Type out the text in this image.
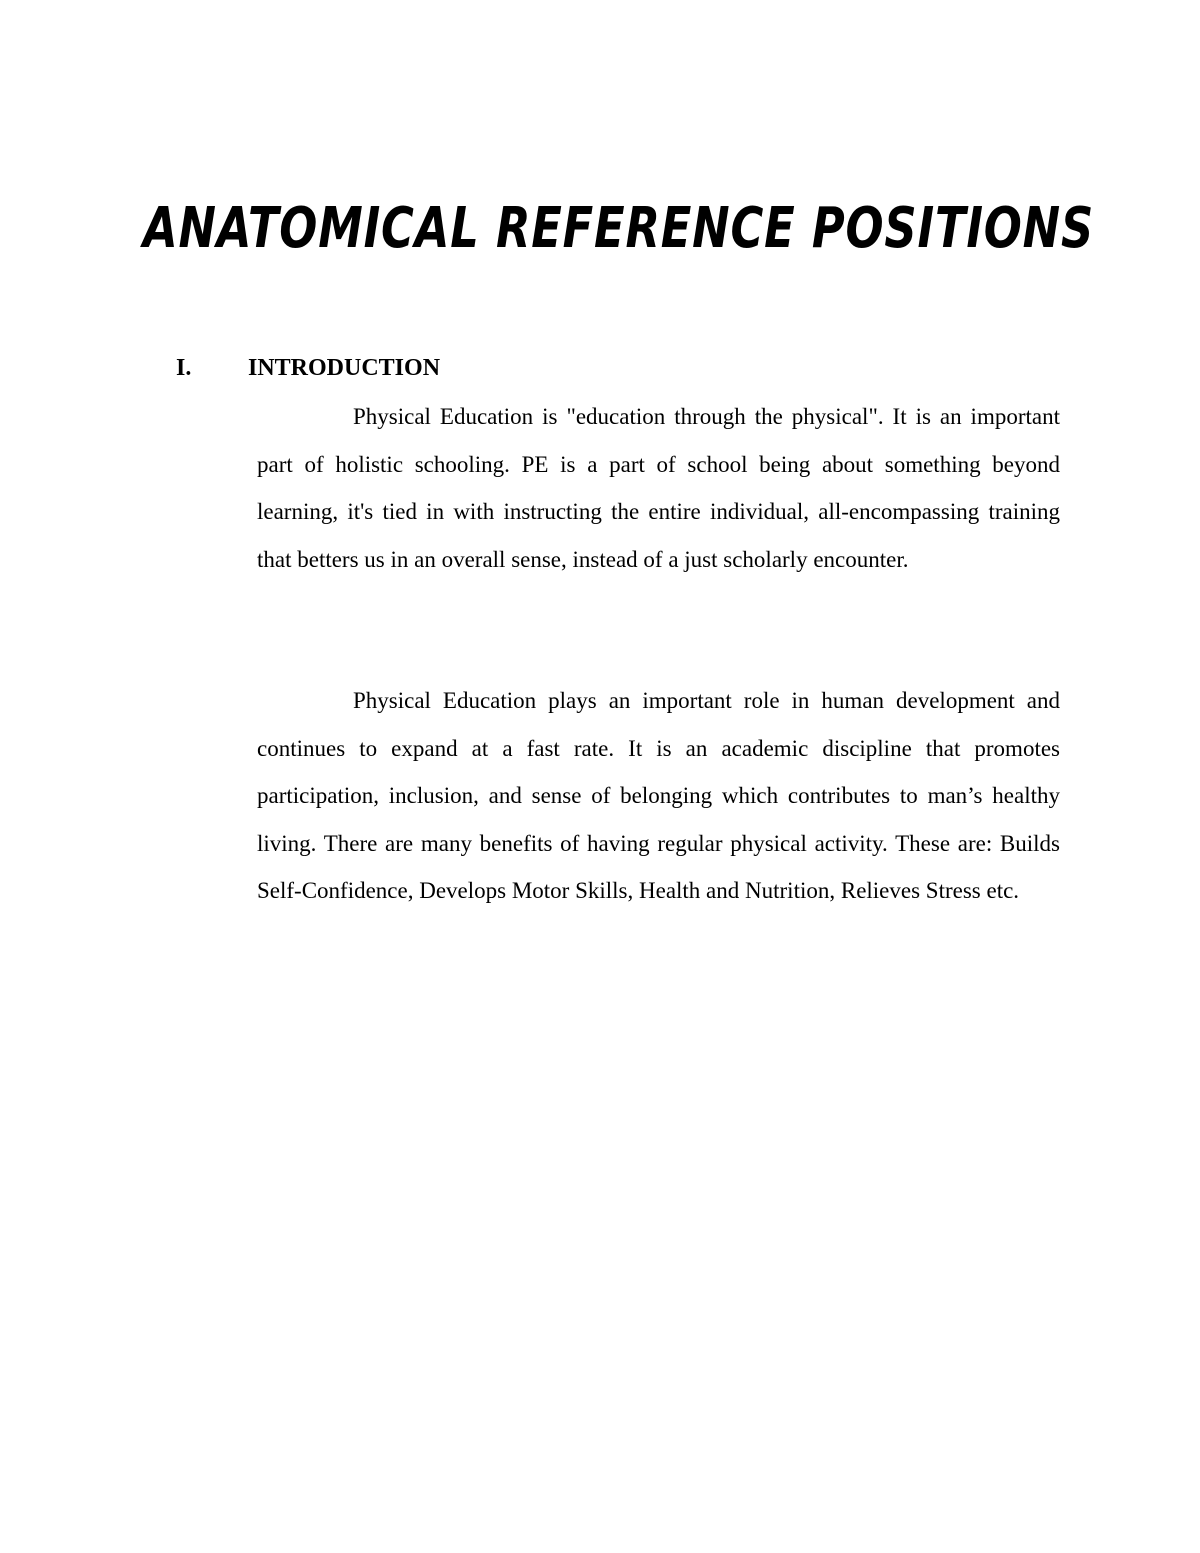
ANATOMICAL REFERENCE POSITIONS
I. INTRODUCTION

Physical Education is "education through the physical". It is an important part of holistic schooling. PE is a part of school being about something beyond learning, it's tied in with instructing the entire individual, all-encompassing training that betters us in an overall sense, instead of a just scholarly encounter.

Physical Education plays an important role in human development and continues to expand at a fast rate. It is an academic discipline that promotes participation, inclusion, and sense of belonging which contributes to man’s healthy living. There are many benefits of having regular physical activity. These are: Builds Self-Confidence, Develops Motor Skills, Health and Nutrition, Relieves Stress etc.
